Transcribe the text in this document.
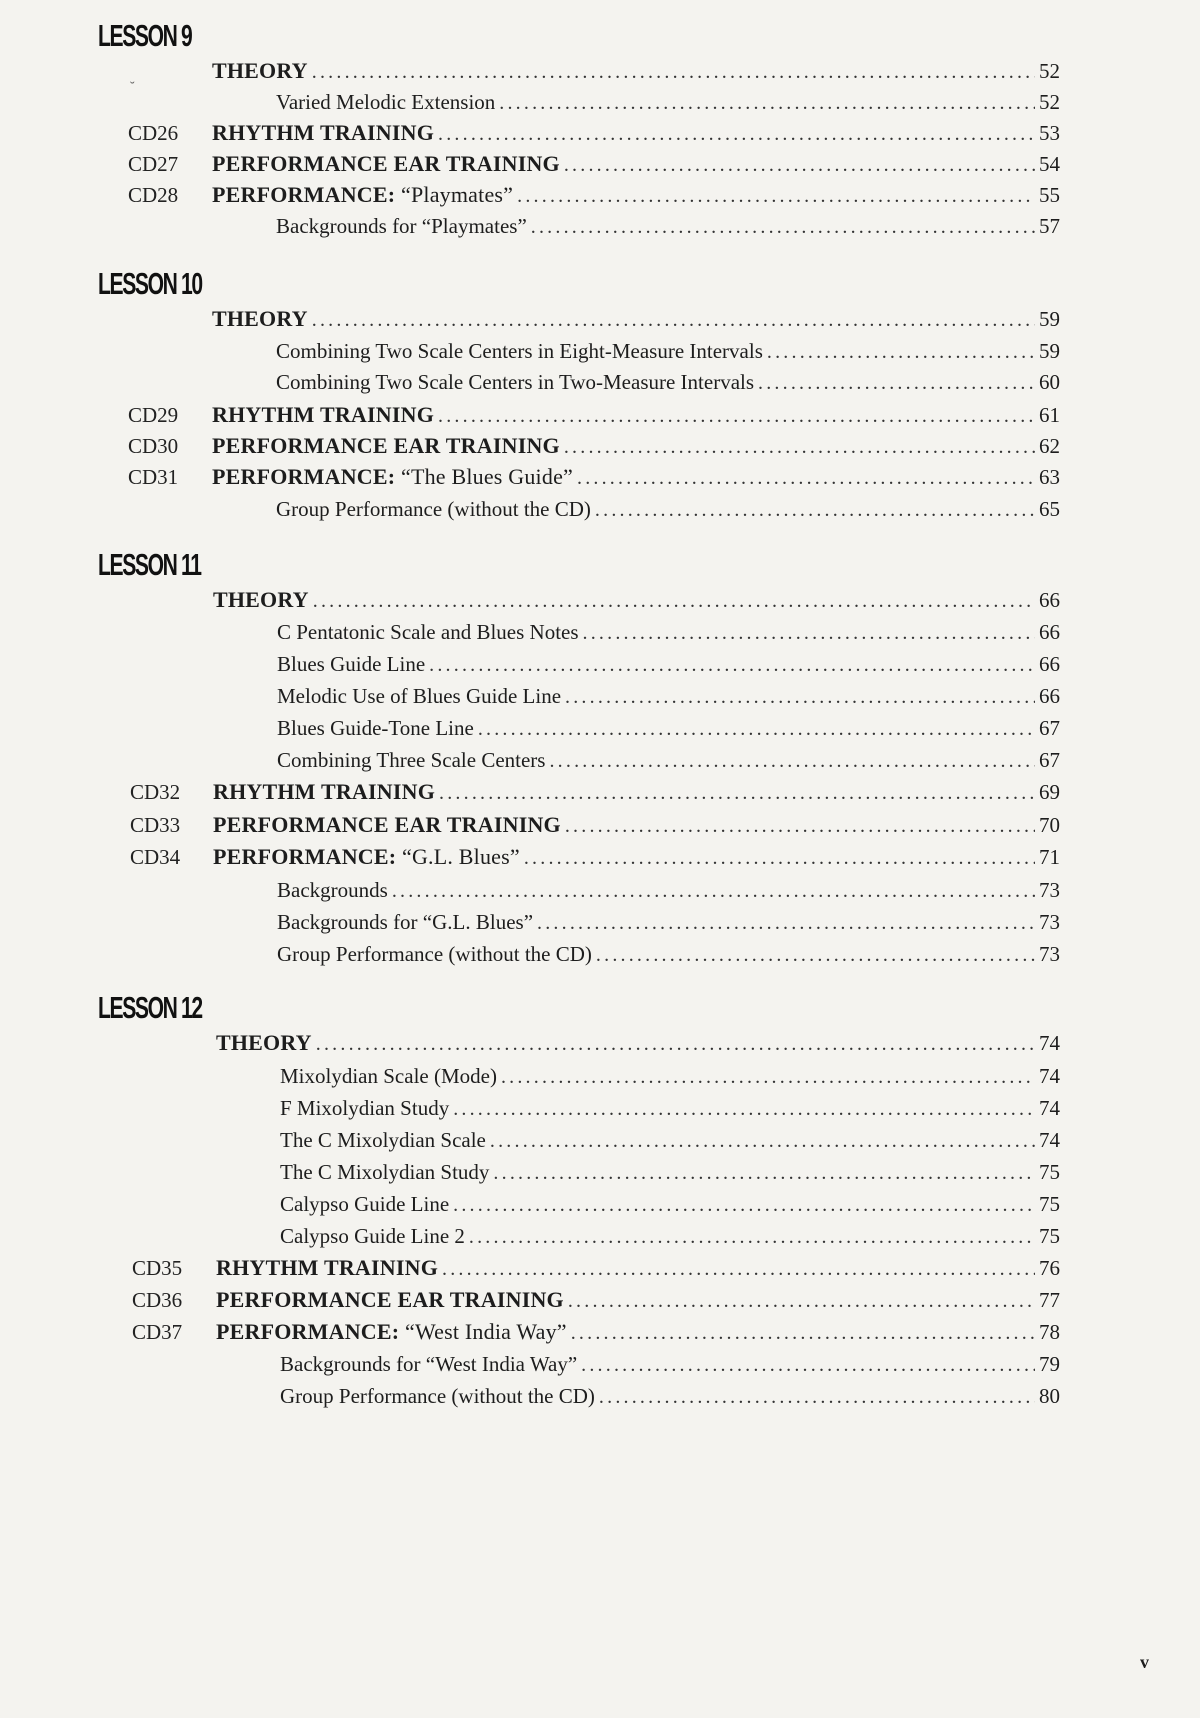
˘
v
LESSON 9
THEORY .....	52
Varied Melodic Extension .....	52
CD26	RHYTHM TRAINING .....	53
CD27	PERFORMANCE EAR TRAINING .....	54
CD28	PERFORMANCE: “Playmates” .....	55
Backgrounds for “Playmates” .....	57
LESSON 10
THEORY .....	59
Combining Two Scale Centers in Eight-Measure Intervals .....	59
Combining Two Scale Centers in Two-Measure Intervals .....	60
CD29	RHYTHM TRAINING .....	61
CD30	PERFORMANCE EAR TRAINING .....	62
CD31	PERFORMANCE: “The Blues Guide” .....	63
Group Performance (without the CD) .....	65
LESSON 11
THEORY .....	66
C Pentatonic Scale and Blues Notes .....	66
Blues Guide Line .....	66
Melodic Use of Blues Guide Line .....	66
Blues Guide-Tone Line .....	67
Combining Three Scale Centers .....	67
CD32	RHYTHM TRAINING .....	69
CD33	PERFORMANCE EAR TRAINING .....	70
CD34	PERFORMANCE: “G.L. Blues” .....	71
Backgrounds .....	73
Backgrounds for “G.L. Blues” .....	73
Group Performance (without the CD) .....	73
LESSON 12
THEORY .....	74
Mixolydian Scale (Mode) .....	74
F Mixolydian Study .....	74
The C Mixolydian Scale .....	74
The C Mixolydian Study .....	75
Calypso Guide Line .....	75
Calypso Guide Line 2 .....	75
CD35	RHYTHM TRAINING .....	76
CD36	PERFORMANCE EAR TRAINING .....	77
CD37	PERFORMANCE: “West India Way” .....	78
Backgrounds for “West India Way” .....	79
Group Performance (without the CD) .....	80
